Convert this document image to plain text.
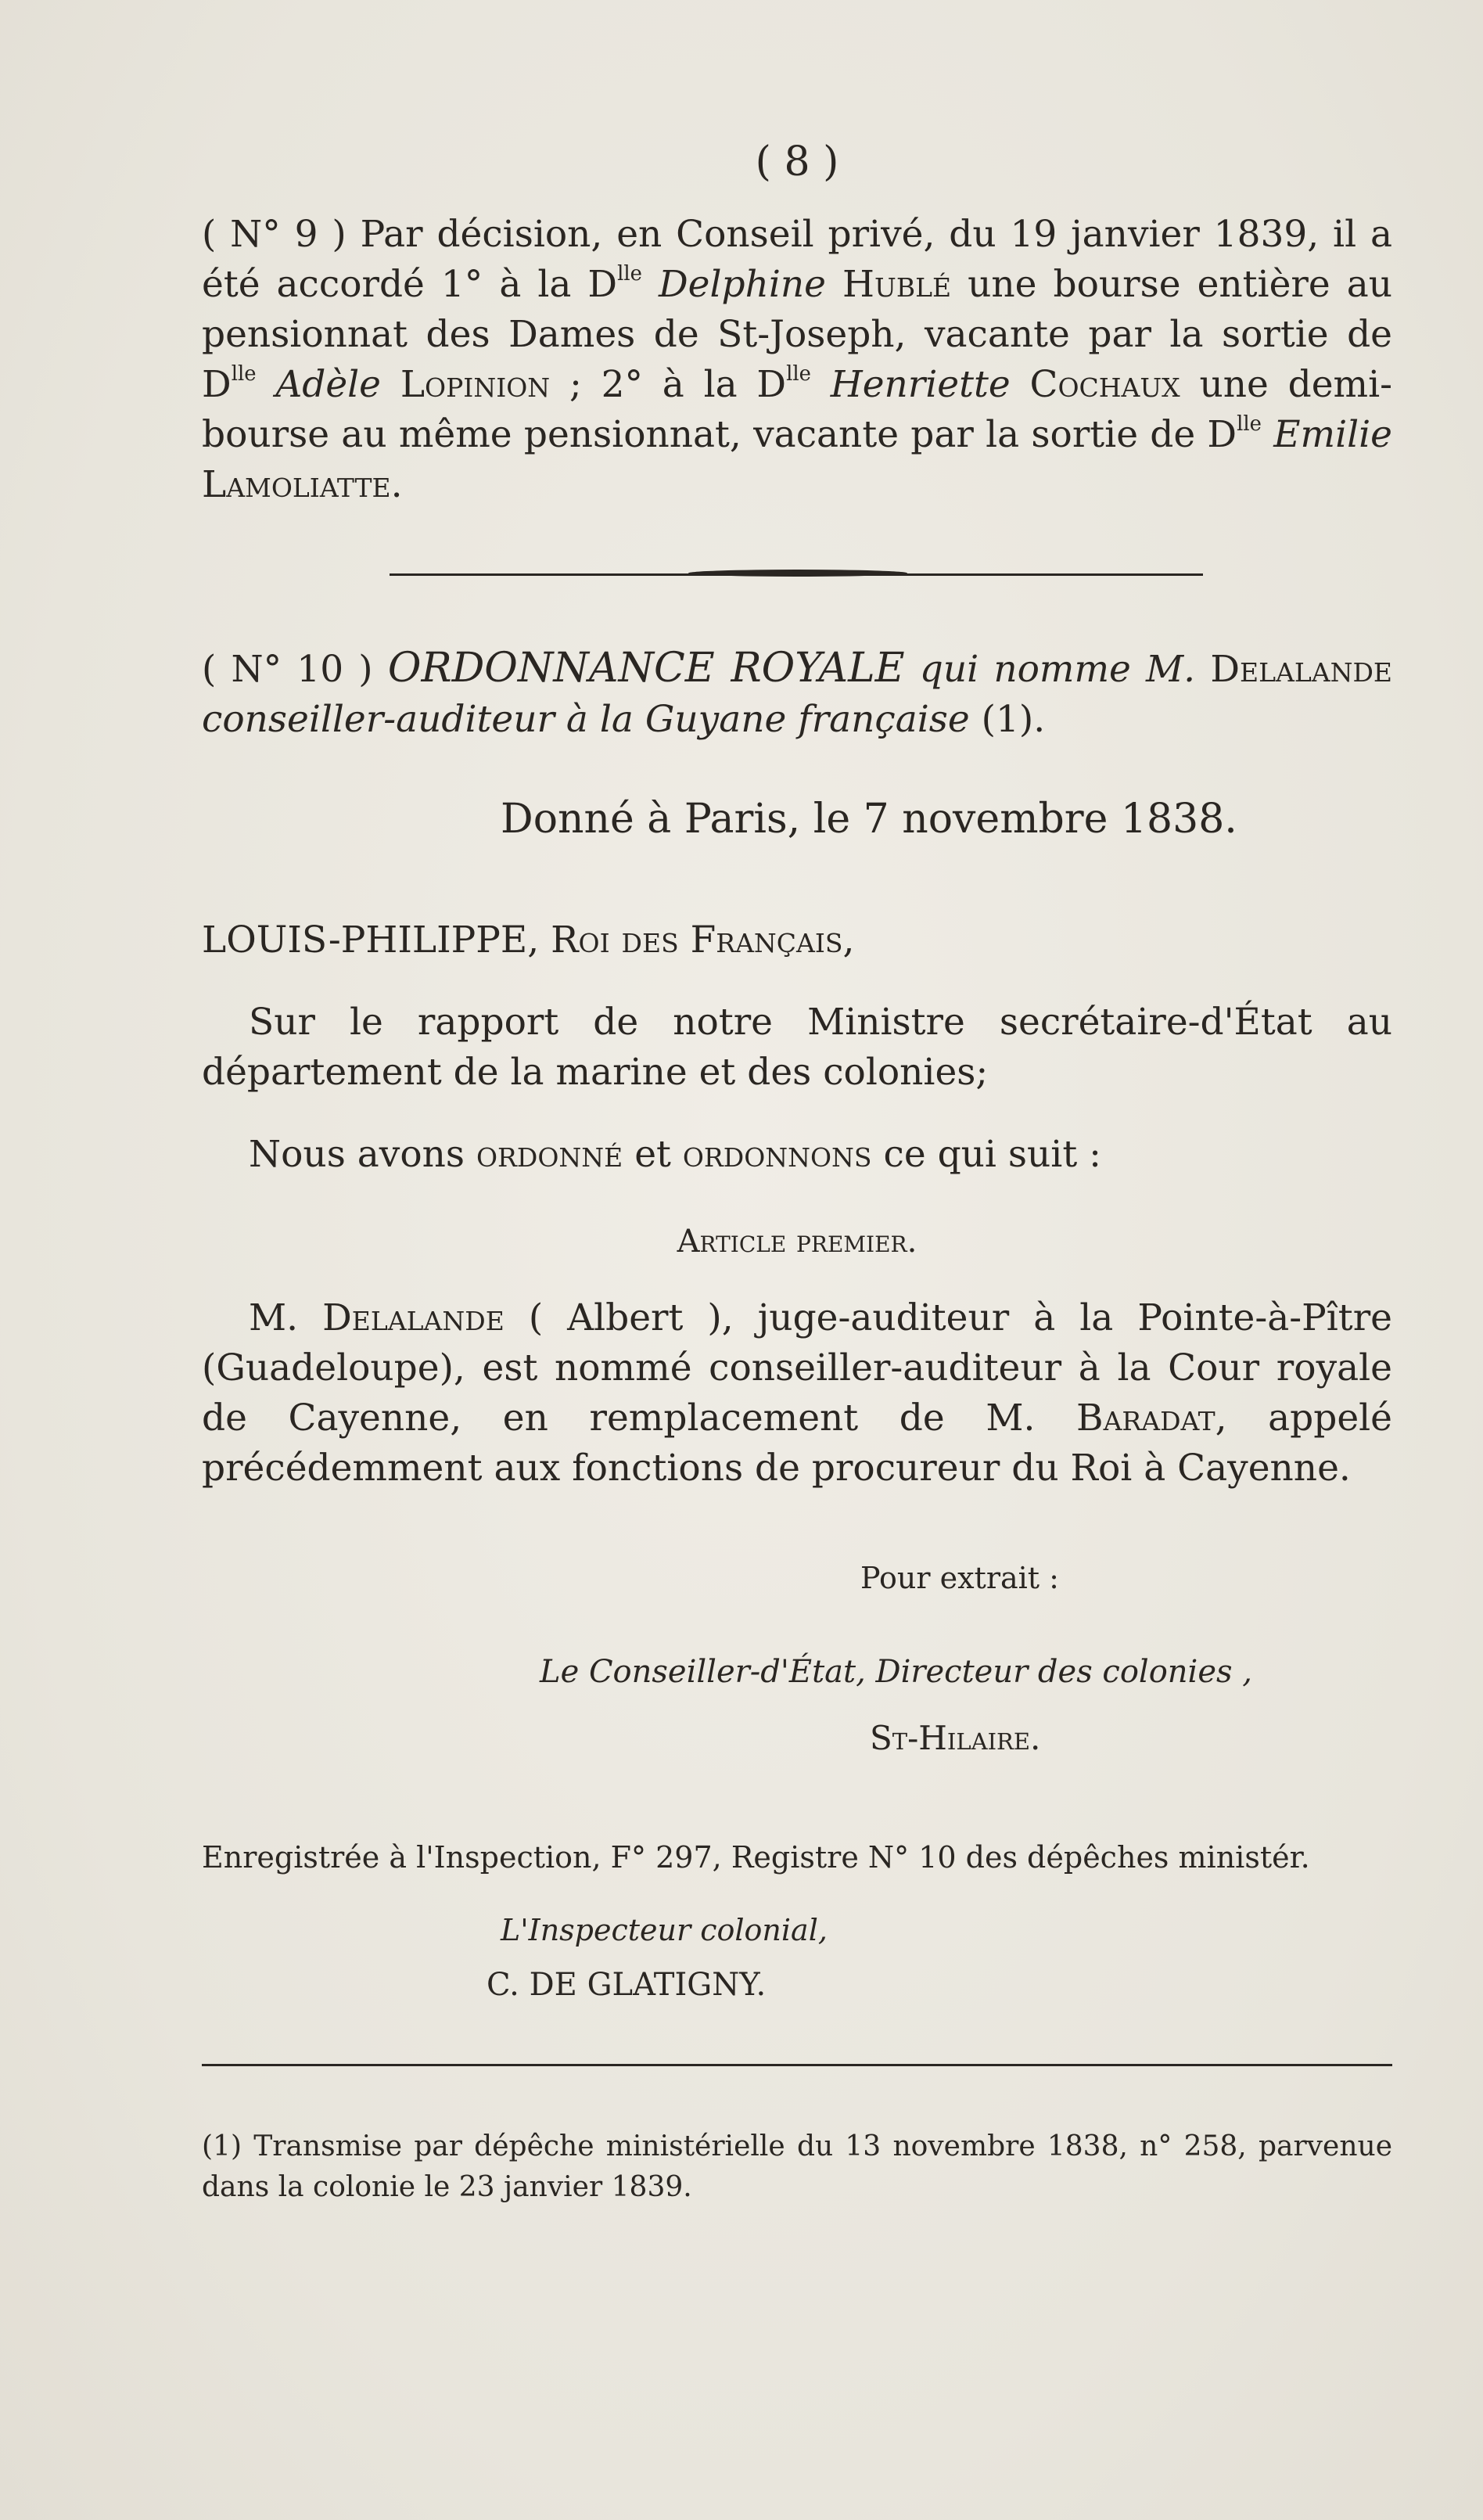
( 8 )
( N° 9 ) Par décision, en Conseil privé, du 19 janvier 1839, il a été accordé 1° à la $D^{lle}$ Delphine Hublé une bourse entière au pensionnat des Dames de St-Joseph, vacante par la sortie de $D^{lle}$ Adèle Lopinion ; 2° à la $D^{lle}$ Henriette Cochaux une demi-bourse au même pensionnat, vacante par la sortie de $D^{lle}$ Emilie Lamoliatte.
( N° 10 ) ORDONNANCE ROYALE qui nomme M. Delalande conseiller-auditeur à la Guyane française (1).
Donné à Paris, le 7 novembre 1838.
LOUIS-PHILIPPE, Roi des Français,
Sur le rapport de notre Ministre secrétaire-d'État au département de la marine et des colonies;
Nous avons ordonné et ordonnons ce qui suit :
Article premier.
M. Delalande ( Albert ), juge-auditeur à la Pointe-à-Pître (Guadeloupe), est nommé conseiller-auditeur à la Cour royale de Cayenne, en remplacement de M. Baradat, appelé précédemment aux fonctions de procureur du Roi à Cayenne.
Pour extrait :
Le Conseiller-d'État, Directeur des colonies ,
St-Hilaire.
Enregistrée à l'Inspection, F° 297, Registre N° 10 des dépêches ministér.
L'Inspecteur colonial,
C. DE GLATIGNY.
(1) Transmise par dépêche ministérielle du 13 novembre 1838, n° 258, parvenue dans la colonie le 23 janvier 1839.
